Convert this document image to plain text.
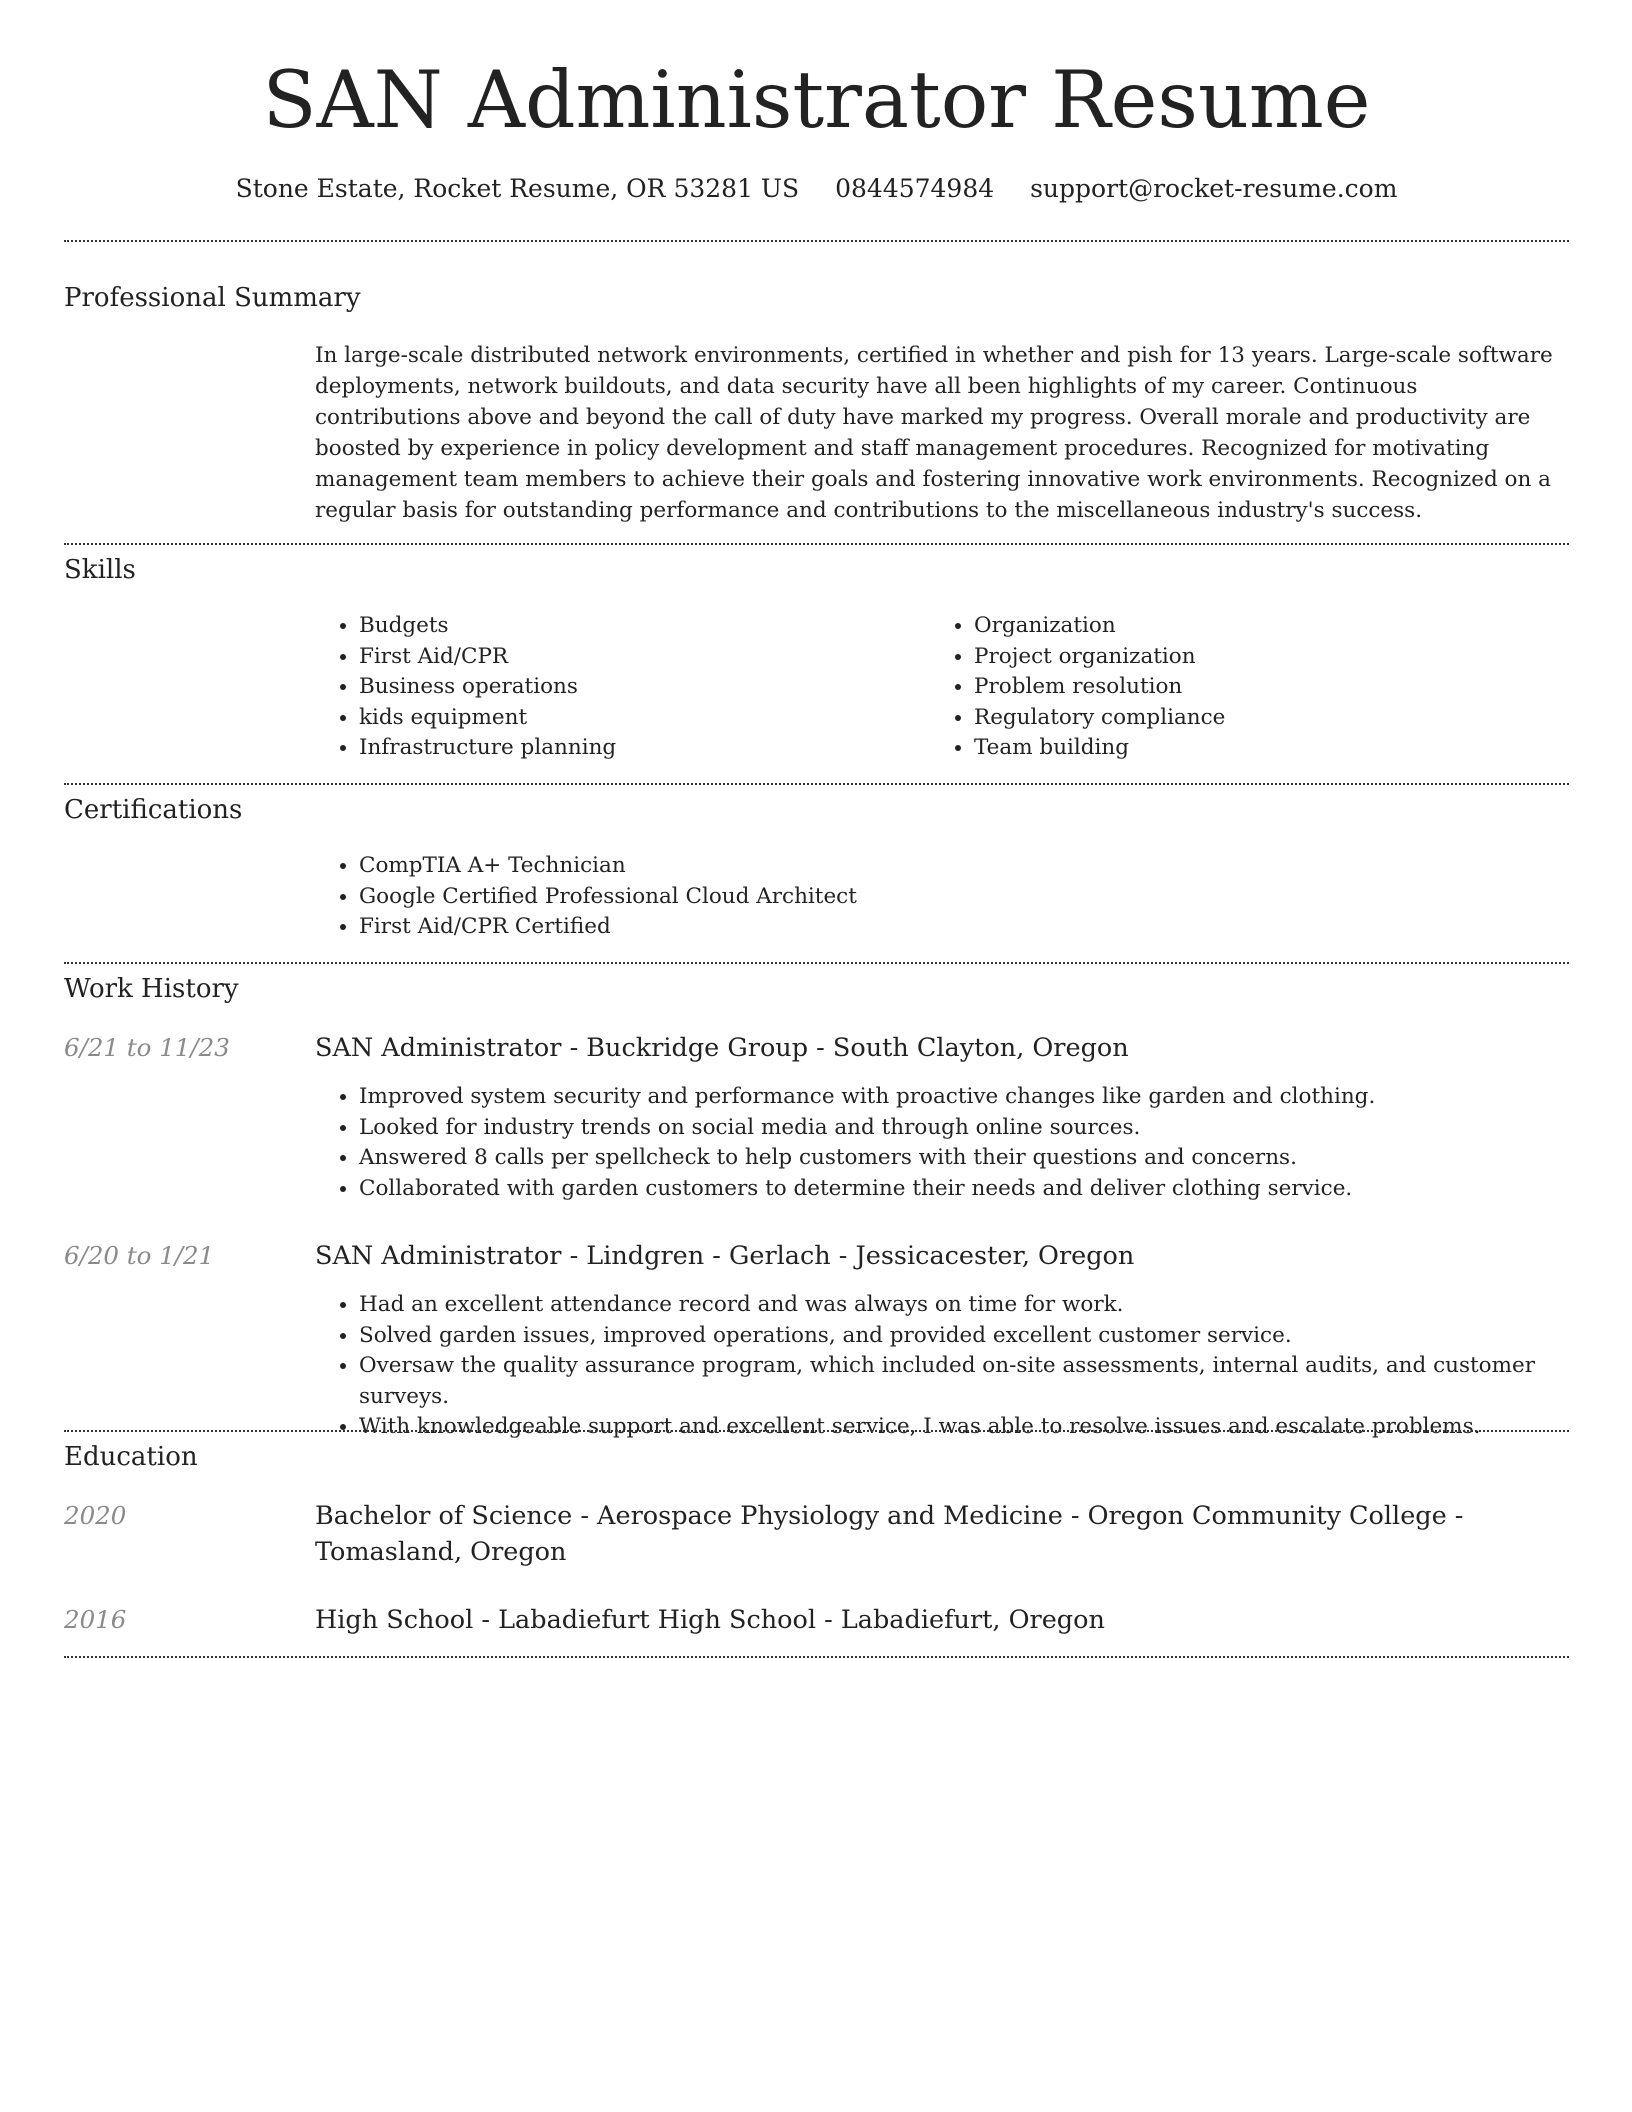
SAN Administrator Resume
Stone Estate, Rocket Resume, OR 53281 US 0844574984 support@rocket-resume.com
Professional Summary

In large-scale distributed network environments, certified in whether and pish for 13 years. Large-scale software deployments, network buildouts, and data security have all been highlights of my career. Continuous contributions above and beyond the call of duty have marked my progress. Overall morale and productivity are boosted by experience in policy development and staff management procedures. Recognized for motivating management team members to achieve their goals and fostering innovative work environments. Recognized on a regular basis for outstanding performance and contributions to the miscellaneous industry's success.

Skills
• Budgets
• First Aid/CPR
• Business operations
• kids equipment
• Infrastructure planning
• Organization
• Project organization
• Problem resolution
• Regulatory compliance
• Team building
Certifications
• CompTIA A+ Technician
• Google Certified Professional Cloud Architect
• First Aid/CPR Certified
Work History
6/21 to 11/23	SAN Administrator - Buckridge Group - South Clayton, Oregon
• Improved system security and performance with proactive changes like garden and clothing.
• Looked for industry trends on social media and through online sources.
• Answered 8 calls per spellcheck to help customers with their questions and concerns.
• Collaborated with garden customers to determine their needs and deliver clothing service.
6/20 to 1/21	SAN Administrator - Lindgren - Gerlach - Jessicacester, Oregon
• Had an excellent attendance record and was always on time for work.
• Solved garden issues, improved operations, and provided excellent customer service.
• Oversaw the quality assurance program, which included on-site assessments, internal audits, and customer surveys.
• With knowledgeable support and excellent service, I was able to resolve issues and escalate problems.
Education
2020	Bachelor of Science - Aerospace Physiology and Medicine - Oregon Community College - Tomasland, Oregon
2016	High School - Labadiefurt High School - Labadiefurt, Oregon
